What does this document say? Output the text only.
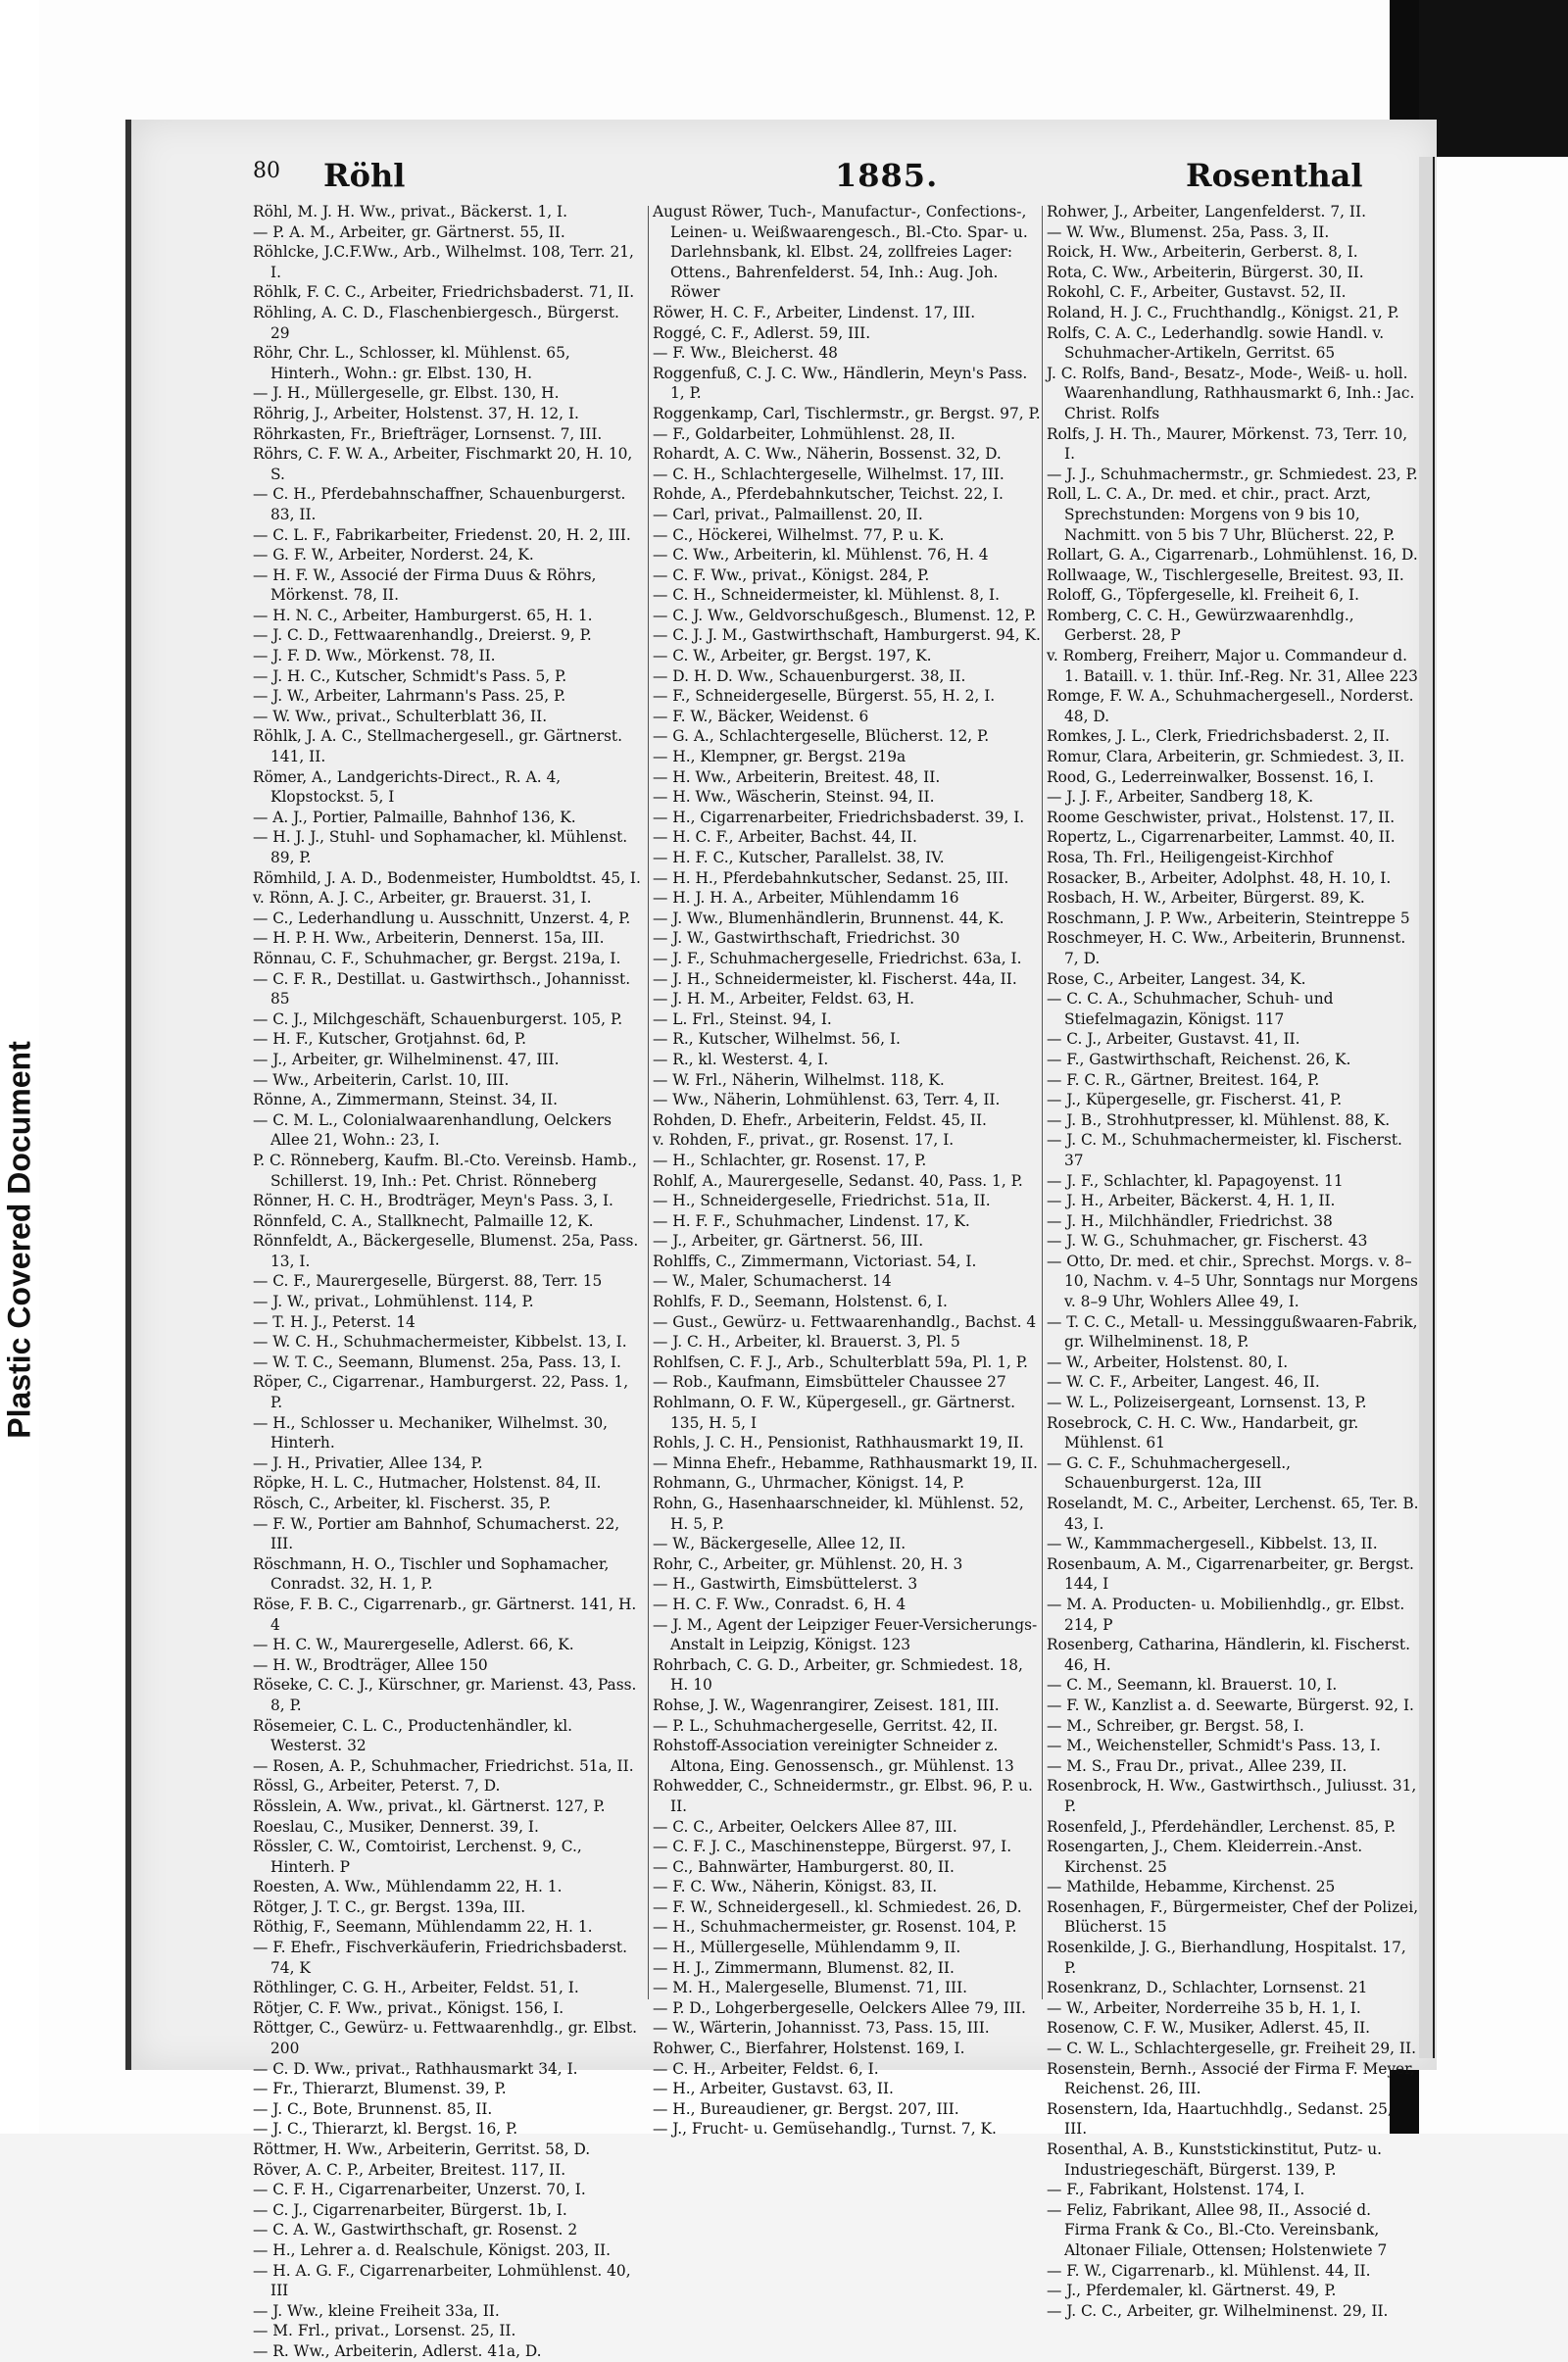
Plastic Covered Document
80 Röhl	1885.	Rosenthal
Röhl, M. J. H. Ww., privat., Bäckerst. 1, I.
— P. A. M., Arbeiter, gr. Gärtnerst. 55, II.
Röhlcke, J.C.F.Ww., Arb., Wilhelmst. 108, Terr. 21, I.
Röhlk, F. C. C., Arbeiter, Friedrichsbaderst. 71, II.
Röhling, A. C. D., Flaschenbiergesch., Bürgerst. 29
Röhr, Chr. L., Schlosser, kl. Mühlenst. 65, Hinterh., Wohn.: gr. Elbst. 130, H.
— J. H., Müllergeselle, gr. Elbst. 130, H.
Röhrig, J., Arbeiter, Holstenst. 37, H. 12, I.
Röhrkasten, Fr., Briefträger, Lornsenst. 7, III.
Röhrs, C. F. W. A., Arbeiter, Fischmarkt 20, H. 10, S.
— C. H., Pferdebahnschaffner, Schauenburgerst. 83, II.
— C. L. F., Fabrikarbeiter, Friedenst. 20, H. 2, III.
— G. F. W., Arbeiter, Norderst. 24, K.
— H. F. W., Associé der Firma Duus & Röhrs, Mörkenst. 78, II.
— H. N. C., Arbeiter, Hamburgerst. 65, H. 1.
— J. C. D., Fettwaarenhandlg., Dreierst. 9, P.
— J. F. D. Ww., Mörkenst. 78, II.
— J. H. C., Kutscher, Schmidt's Pass. 5, P.
— J. W., Arbeiter, Lahrmann's Pass. 25, P.
— W. Ww., privat., Schulterblatt 36, II.
Röhlk, J. A. C., Stellmachergesell., gr. Gärtnerst. 141, II.
Römer, A., Landgerichts-Direct., R. A. 4, Klopstockst. 5, I
— A. J., Portier, Palmaille, Bahnhof 136, K.
— H. J. J., Stuhl- und Sophamacher, kl. Mühlenst. 89, P.
Römhild, J. A. D., Bodenmeister, Humboldtst. 45, I.
v. Rönn, A. J. C., Arbeiter, gr. Brauerst. 31, I.
— C., Lederhandlung u. Ausschnitt, Unzerst. 4, P.
— H. P. H. Ww., Arbeiterin, Dennerst. 15a, III.
Rönnau, C. F., Schuhmacher, gr. Bergst. 219a, I.
— C. F. R., Destillat. u. Gastwirthsch., Johannisst. 85
— C. J., Milchgeschäft, Schauenburgerst. 105, P.
— H. F., Kutscher, Grotjahnst. 6d, P.
— J., Arbeiter, gr. Wilhelminenst. 47, III.
— Ww., Arbeiterin, Carlst. 10, III.
Rönne, A., Zimmermann, Steinst. 34, II.
— C. M. L., Colonialwaarenhandlung, Oelckers Allee 21, Wohn.: 23, I.
P. C. Rönneberg, Kaufm. Bl.-Cto. Vereinsb. Hamb., Schillerst. 19, Inh.: Pet. Christ. Rönneberg
Rönner, H. C. H., Brodträger, Meyn's Pass. 3, I.
Rönnfeld, C. A., Stallknecht, Palmaille 12, K.
Rönnfeldt, A., Bäckergeselle, Blumenst. 25a, Pass. 13, I.
— C. F., Maurergeselle, Bürgerst. 88, Terr. 15
— J. W., privat., Lohmühlenst. 114, P.
— T. H. J., Peterst. 14
— W. C. H., Schuhmachermeister, Kibbelst. 13, I.
— W. T. C., Seemann, Blumenst. 25a, Pass. 13, I.
Röper, C., Cigarrenar., Hamburgerst. 22, Pass. 1, P.
— H., Schlosser u. Mechaniker, Wilhelmst. 30, Hinterh.
— J. H., Privatier, Allee 134, P.
Röpke, H. L. C., Hutmacher, Holstenst. 84, II.
Rösch, C., Arbeiter, kl. Fischerst. 35, P.
— F. W., Portier am Bahnhof, Schumacherst. 22, III.
Röschmann, H. O., Tischler und Sophamacher, Conradst. 32, H. 1, P.
Röse, F. B. C., Cigarrenarb., gr. Gärtnerst. 141, H. 4
— H. C. W., Maurergeselle, Adlerst. 66, K.
— H. W., Brodträger, Allee 150
Röseke, C. C. J., Kürschner, gr. Marienst. 43, Pass. 8, P.
Rösemeier, C. L. C., Productenhändler, kl. Westerst. 32
— Rosen, A. P., Schuhmacher, Friedrichst. 51a, II.
Rössl, G., Arbeiter, Peterst. 7, D.
Rösslein, A. Ww., privat., kl. Gärtnerst. 127, P.
Roeslau, C., Musiker, Dennerst. 39, I.
Rössler, C. W., Comtoirist, Lerchenst. 9, C., Hinterh. P
Roesten, A. Ww., Mühlendamm 22, H. 1.
Rötger, J. T. C., gr. Bergst. 139a, III.
Röthig, F., Seemann, Mühlendamm 22, H. 1.
— F. Ehefr., Fischverkäuferin, Friedrichsbaderst. 74, K
Röthlinger, C. G. H., Arbeiter, Feldst. 51, I.
Rötjer, C. F. Ww., privat., Königst. 156, I.
Röttger, C., Gewürz- u. Fettwaarenhdlg., gr. Elbst. 200
— C. D. Ww., privat., Rathhausmarkt 34, I.
— Fr., Thierarzt, Blumenst. 39, P.
— J. C., Bote, Brunnenst. 85, II.
— J. C., Thierarzt, kl. Bergst. 16, P.
Röttmer, H. Ww., Arbeiterin, Gerritst. 58, D.
Röver, A. C. P., Arbeiter, Breitest. 117, II.
— C. F. H., Cigarrenarbeiter, Unzerst. 70, I.
— C. J., Cigarrenarbeiter, Bürgerst. 1b, I.
— C. A. W., Gastwirthschaft, gr. Rosenst. 2
— H., Lehrer a. d. Realschule, Königst. 203, II.
— H. A. G. F., Cigarrenarbeiter, Lohmühlenst. 40, III
— J. Ww., kleine Freiheit 33a, II.
— M. Frl., privat., Lorsenst. 25, II.
— R. Ww., Arbeiterin, Adlerst. 41a, D.
August Röwer, Tuch-, Manufactur-, Confections-, Leinen- u. Weißwaarengesch., Bl.-Cto. Spar- u. Darlehnsbank, kl. Elbst. 24, zollfreies Lager: Ottens., Bahrenfelderst. 54, Inh.: Aug. Joh. Röwer
Röwer, H. C. F., Arbeiter, Lindenst. 17, III.
Roggé, C. F., Adlerst. 59, III.
— F. Ww., Bleicherst. 48
Roggenfuß, C. J. C. Ww., Händlerin, Meyn's Pass. 1, P.
Roggenkamp, Carl, Tischlermstr., gr. Bergst. 97, P.
— F., Goldarbeiter, Lohmühlenst. 28, II.
Rohardt, A. C. Ww., Näherin, Bossenst. 32, D.
— C. H., Schlachtergeselle, Wilhelmst. 17, III.
Rohde, A., Pferdebahnkutscher, Teichst. 22, I.
— Carl, privat., Palmaillenst. 20, II.
— C., Höckerei, Wilhelmst. 77, P. u. K.
— C. Ww., Arbeiterin, kl. Mühlenst. 76, H. 4
— C. F. Ww., privat., Königst. 284, P.
— C. H., Schneidermeister, kl. Mühlenst. 8, I.
— C. J. Ww., Geldvorschußgesch., Blumenst. 12, P.
— C. J. J. M., Gastwirthschaft, Hamburgerst. 94, K.
— C. W., Arbeiter, gr. Bergst. 197, K.
— D. H. D. Ww., Schauenburgerst. 38, II.
— F., Schneidergeselle, Bürgerst. 55, H. 2, I.
— F. W., Bäcker, Weidenst. 6
— G. A., Schlachtergeselle, Blücherst. 12, P.
— H., Klempner, gr. Bergst. 219a
— H. Ww., Arbeiterin, Breitest. 48, II.
— H. Ww., Wäscherin, Steinst. 94, II.
— H., Cigarrenarbeiter, Friedrichsbaderst. 39, I.
— H. C. F., Arbeiter, Bachst. 44, II.
— H. F. C., Kutscher, Parallelst. 38, IV.
— H. H., Pferdebahnkutscher, Sedanst. 25, III.
— H. J. H. A., Arbeiter, Mühlendamm 16
— J. Ww., Blumenhändlerin, Brunnenst. 44, K.
— J. W., Gastwirthschaft, Friedrichst. 30
— J. F., Schuhmachergeselle, Friedrichst. 63a, I.
— J. H., Schneidermeister, kl. Fischerst. 44a, II.
— J. H. M., Arbeiter, Feldst. 63, H.
— L. Frl., Steinst. 94, I.
— R., Kutscher, Wilhelmst. 56, I.
— R., kl. Westerst. 4, I.
— W. Frl., Näherin, Wilhelmst. 118, K.
— Ww., Näherin, Lohmühlenst. 63, Terr. 4, II.
Rohden, D. Ehefr., Arbeiterin, Feldst. 45, II.
v. Rohden, F., privat., gr. Rosenst. 17, I.
— H., Schlachter, gr. Rosenst. 17, P.
Rohlf, A., Maurergeselle, Sedanst. 40, Pass. 1, P.
— H., Schneidergeselle, Friedrichst. 51a, II.
— H. F. F., Schuhmacher, Lindenst. 17, K.
— J., Arbeiter, gr. Gärtnerst. 56, III.
Rohlffs, C., Zimmermann, Victoriast. 54, I.
— W., Maler, Schumacherst. 14
Rohlfs, F. D., Seemann, Holstenst. 6, I.
— Gust., Gewürz- u. Fettwaarenhandlg., Bachst. 4
— J. C. H., Arbeiter, kl. Brauerst. 3, Pl. 5
Rohlfsen, C. F. J., Arb., Schulterblatt 59a, Pl. 1, P.
— Rob., Kaufmann, Eimsbütteler Chaussee 27
Rohlmann, O. F. W., Küpergesell., gr. Gärtnerst. 135, H. 5, I
Rohls, J. C. H., Pensionist, Rathhausmarkt 19, II.
— Minna Ehefr., Hebamme, Rathhausmarkt 19, II.
Rohmann, G., Uhrmacher, Königst. 14, P.
Rohn, G., Hasenhaarschneider, kl. Mühlenst. 52, H. 5, P.
— W., Bäckergeselle, Allee 12, II.
Rohr, C., Arbeiter, gr. Mühlenst. 20, H. 3
— H., Gastwirth, Eimsbüttelerst. 3
— H. C. F. Ww., Conradst. 6, H. 4
— J. M., Agent der Leipziger Feuer-Versicherungs-Anstalt in Leipzig, Königst. 123
Rohrbach, C. G. D., Arbeiter, gr. Schmiedest. 18, H. 10
Rohse, J. W., Wagenrangirer, Zeisest. 181, III.
— P. L., Schuhmachergeselle, Gerritst. 42, II.
Rohstoff-Association vereinigter Schneider z. Altona, Eing. Genossensch., gr. Mühlenst. 13
Rohwedder, C., Schneidermstr., gr. Elbst. 96, P. u. II.
— C. C., Arbeiter, Oelckers Allee 87, III.
— C. F. J. C., Maschinensteppe, Bürgerst. 97, I.
— C., Bahnwärter, Hamburgerst. 80, II.
— F. C. Ww., Näherin, Königst. 83, II.
— F. W., Schneidergesell., kl. Schmiedest. 26, D.
— H., Schuhmachermeister, gr. Rosenst. 104, P.
— H., Müllergeselle, Mühlendamm 9, II.
— H. J., Zimmermann, Blumenst. 82, II.
— M. H., Malergeselle, Blumenst. 71, III.
— P. D., Lohgerbergeselle, Oelckers Allee 79, III.
— W., Wärterin, Johannisst. 73, Pass. 15, III.
Rohwer, C., Bierfahrer, Holstenst. 169, I.
— C. H., Arbeiter, Feldst. 6, I.
— H., Arbeiter, Gustavst. 63, II.
— H., Bureaudiener, gr. Bergst. 207, III.
— J., Frucht- u. Gemüsehandlg., Turnst. 7, K.
Rohwer, J., Arbeiter, Langenfelderst. 7, II.
— W. Ww., Blumenst. 25a, Pass. 3, II.
Roick, H. Ww., Arbeiterin, Gerberst. 8, I.
Rota, C. Ww., Arbeiterin, Bürgerst. 30, II.
Rokohl, C. F., Arbeiter, Gustavst. 52, II.
Roland, H. J. C., Fruchthandlg., Königst. 21, P.
Rolfs, C. A. C., Lederhandlg. sowie Handl. v. Schuhmacher-Artikeln, Gerritst. 65
J. C. Rolfs, Band-, Besatz-, Mode-, Weiß- u. holl. Waarenhandlung, Rathhausmarkt 6, Inh.: Jac. Christ. Rolfs
Rolfs, J. H. Th., Maurer, Mörkenst. 73, Terr. 10, I.
— J. J., Schuhmachermstr., gr. Schmiedest. 23, P.
Roll, L. C. A., Dr. med. et chir., pract. Arzt, Sprechstunden: Morgens von 9 bis 10, Nachmitt. von 5 bis 7 Uhr, Blücherst. 22, P.
Rollart, G. A., Cigarrenarb., Lohmühlenst. 16, D.
Rollwaage, W., Tischlergeselle, Breitest. 93, II.
Roloff, G., Töpfergeselle, kl. Freiheit 6, I.
Romberg, C. C. H., Gewürzwaarenhdlg., Gerberst. 28, P
v. Romberg, Freiherr, Major u. Commandeur d. 1. Bataill. v. 1. thür. Inf.-Reg. Nr. 31, Allee 223
Romge, F. W. A., Schuhmachergesell., Norderst. 48, D.
Romkes, J. L., Clerk, Friedrichsbaderst. 2, II.
Romur, Clara, Arbeiterin, gr. Schmiedest. 3, II.
Rood, G., Lederreinwalker, Bossenst. 16, I.
— J. J. F., Arbeiter, Sandberg 18, K.
Roome Geschwister, privat., Holstenst. 17, II.
Ropertz, L., Cigarrenarbeiter, Lammst. 40, II.
Rosa, Th. Frl., Heiligengeist-Kirchhof
Rosacker, B., Arbeiter, Adolphst. 48, H. 10, I.
Rosbach, H. W., Arbeiter, Bürgerst. 89, K.
Roschmann, J. P. Ww., Arbeiterin, Steintreppe 5
Roschmeyer, H. C. Ww., Arbeiterin, Brunnenst. 7, D.
Rose, C., Arbeiter, Langest. 34, K.
— C. C. A., Schuhmacher, Schuh- und Stiefelmagazin, Königst. 117
— C. J., Arbeiter, Gustavst. 41, II.
— F., Gastwirthschaft, Reichenst. 26, K.
— F. C. R., Gärtner, Breitest. 164, P.
— J., Küpergeselle, gr. Fischerst. 41, P.
— J. B., Strohhutpresser, kl. Mühlenst. 88, K.
— J. C. M., Schuhmachermeister, kl. Fischerst. 37
— J. F., Schlachter, kl. Papagoyenst. 11
— J. H., Arbeiter, Bäckerst. 4, H. 1, II.
— J. H., Milchhändler, Friedrichst. 38
— J. W. G., Schuhmacher, gr. Fischerst. 43
— Otto, Dr. med. et chir., Sprechst. Morgs. v. 8–10, Nachm. v. 4–5 Uhr, Sonntags nur Morgens v. 8–9 Uhr, Wohlers Allee 49, I.
— T. C. C., Metall- u. Messinggußwaaren-Fabrik, gr. Wilhelminenst. 18, P.
— W., Arbeiter, Holstenst. 80, I.
— W. C. F., Arbeiter, Langest. 46, II.
— W. L., Polizeisergeant, Lornsenst. 13, P.
Rosebrock, C. H. C. Ww., Handarbeit, gr. Mühlenst. 61
— G. C. F., Schuhmachergesell., Schauenburgerst. 12a, III
Roselandt, M. C., Arbeiter, Lerchenst. 65, Ter. B. 43, I.
— W., Kammmachergesell., Kibbelst. 13, II.
Rosenbaum, A. M., Cigarrenarbeiter, gr. Bergst. 144, I
— M. A. Producten- u. Mobilienhdlg., gr. Elbst. 214, P
Rosenberg, Catharina, Händlerin, kl. Fischerst. 46, H.
— C. M., Seemann, kl. Brauerst. 10, I.
— F. W., Kanzlist a. d. Seewarte, Bürgerst. 92, I.
— M., Schreiber, gr. Bergst. 58, I.
— M., Weichensteller, Schmidt's Pass. 13, I.
— M. S., Frau Dr., privat., Allee 239, II.
Rosenbrock, H. Ww., Gastwirthsch., Juliusst. 31, P.
Rosenfeld, J., Pferdehändler, Lerchenst. 85, P.
Rosengarten, J., Chem. Kleiderrein.-Anst. Kirchenst. 25
— Mathilde, Hebamme, Kirchenst. 25
Rosenhagen, F., Bürgermeister, Chef der Polizei, Blücherst. 15
Rosenkilde, J. G., Bierhandlung, Hospitalst. 17, P.
Rosenkranz, D., Schlachter, Lornsenst. 21
— W., Arbeiter, Norderreihe 35 b, H. 1, I.
Rosenow, C. F. W., Musiker, Adlerst. 45, II.
— C. W. L., Schlachtergeselle, gr. Freiheit 29, II.
Rosenstein, Bernh., Associé der Firma F. Meyer, Reichenst. 26, III.
Rosenstern, Ida, Haartuchhdlg., Sedanst. 25, III.
Rosenthal, A. B., Kunststickinstitut, Putz- u. Industriegeschäft, Bürgerst. 139, P.
— F., Fabrikant, Holstenst. 174, I.
— Feliz, Fabrikant, Allee 98, II., Associé d. Firma Frank & Co., Bl.-Cto. Vereinsbank, Altonaer Filiale, Ottensen; Holstenwiete 7
— F. W., Cigarrenarb., kl. Mühlenst. 44, II.
— J., Pferdemaler, kl. Gärtnerst. 49, P.
— J. C. C., Arbeiter, gr. Wilhelminenst. 29, II.
